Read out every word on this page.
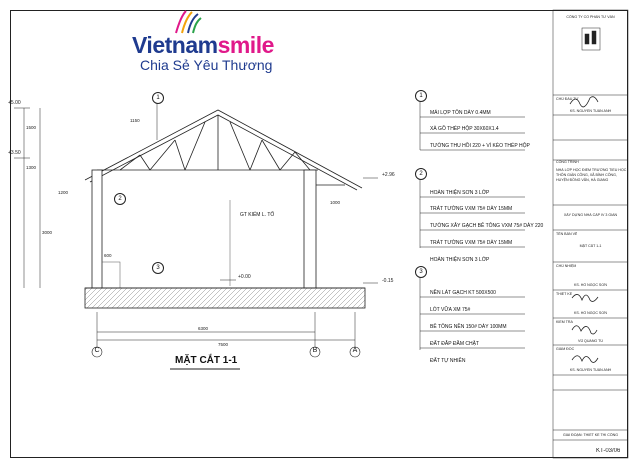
Vietnamsmile
Chia Sẻ Yêu Thương
1
2
3
1
2
3
+5.00
+3.50
+2.96
+0.00
-0.15
6300
7500
1200
600
3000
1000
1150
1500
1300
GT KIỂM L. TỐ
C	B	A
MẶT CẮT 1-1
MÁI LỢP TÔN DÀY 0.4MM
XÀ GỒ THÉP HỘP 30X60X1.4
TƯỜNG THU HỒI 220 + VÌ KÈO THÉP HỘP
HOÀN THIỆN SƠN 3 LỚP
TRÁT TƯỜNG VXM 75# DÀY 15MM
TƯỜNG XÂY GẠCH BÊ TÔNG VXM 75# DÀY 220
TRÁT TƯỜNG VXM 75# DÀY 15MM
HOÀN THIỆN SƠN 3 LỚP
NỀN LÁT GẠCH KT 500X500
LÓT VỮA XM 75#
BÊ TÔNG NỀN 150# DÀY 100MM
ĐẤT ĐẮP ĐẦM CHẶT
ĐẤT TỰ NHIÊN
CÔNG TY CỔ PHẦN TƯ VẤN
CHỦ ĐẦU TƯ
KS. NGUYỄN TUẤN ANH
CÔNG TRÌNH
NHÀ LỚP HỌC ĐIỂM TRƯỜNG TIỂU HỌC THÔN GIÀN CÔNG, XÃ BÌNH CÔNG, HUYỆN ĐỒNG VĂN, HÀ GIANG
XÂY DỰNG NHÀ CẤP IV 3 GIAN
TÊN BẢN VẼ
MẶT CẮT 1-1
CHỦ NHIỆM
KS. HỒ NGỌC SƠN
THIẾT KẾ
KS. HỒ NGỌC SƠN
KIỂM TRA
VŨ QUANG TÚ
GIÁM ĐỐC
KS. NGUYỄN TUẤN ANH
GIAI ĐOẠN: THIẾT KẾ THI CÔNG
KT-03/06
